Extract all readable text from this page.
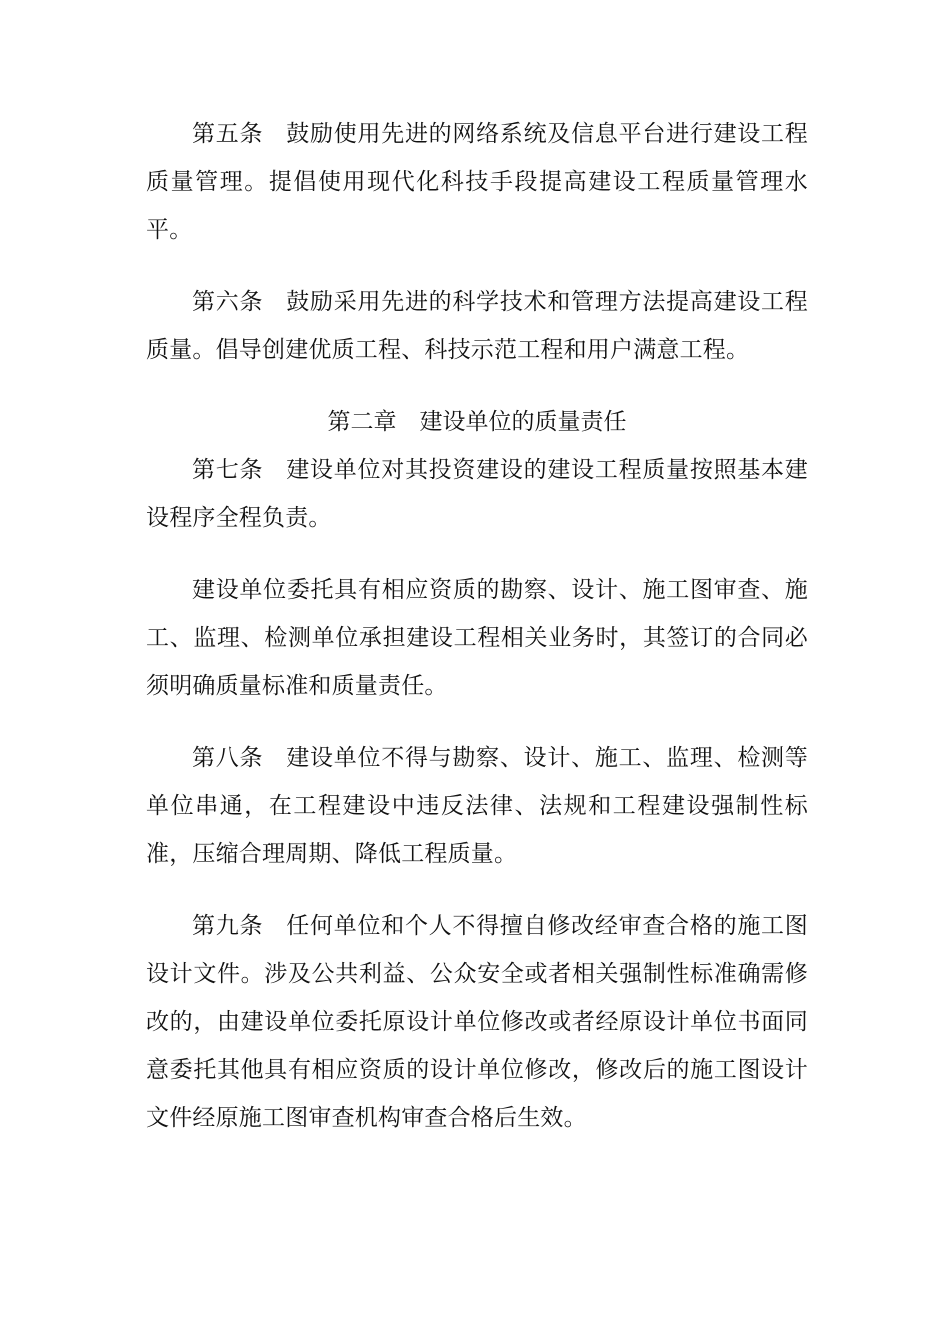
第五条 鼓励使用先进的网络系统及信息平台进行建设工程质量管理。提倡使用现代化科技手段提高建设工程质量管理水平。

第六条 鼓励采用先进的科学技术和管理方法提高建设工程质量。倡导创建优质工程、科技示范工程和用户满意工程。

第二章 建设单位的质量责任

第七条 建设单位对其投资建设的建设工程质量按照基本建设程序全程负责。

建设单位委托具有相应资质的勘察、设计、施工图审查、施工、监理、检测单位承担建设工程相关业务时，其签订的合同必须明确质量标准和质量责任。

第八条 建设单位不得与勘察、设计、施工、监理、检测等单位串通，在工程建设中违反法律、法规和工程建设强制性标准，压缩合理周期、降低工程质量。

第九条 任何单位和个人不得擅自修改经审查合格的施工图设计文件。涉及公共利益、公众安全或者相关强制性标准确需修改的，由建设单位委托原设计单位修改或者经原设计单位书面同意委托其他具有相应资质的设计单位修改，修改后的施工图设计文件经原施工图审查机构审查合格后生效。
